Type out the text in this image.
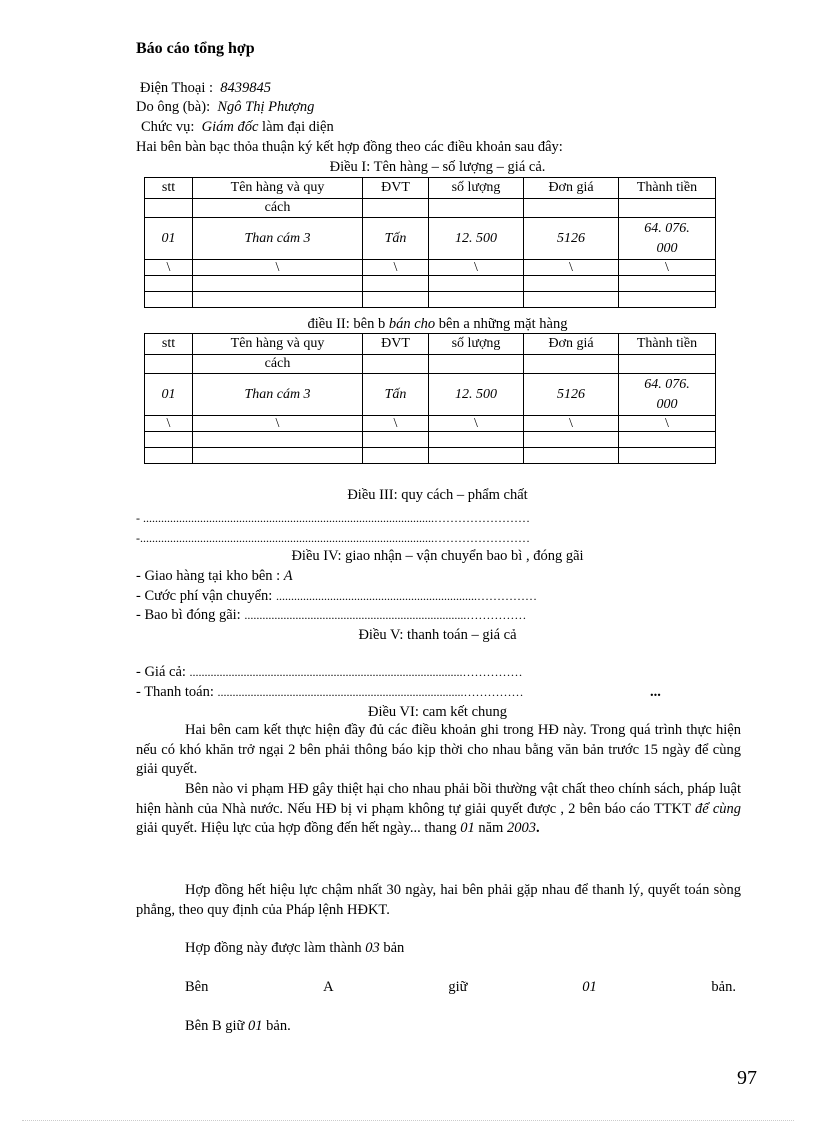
Báo cáo tổng hợp
Điện Thoại : 8439845
Do ông (bà): Ngô Thị Phượng
Chức vụ: Giám đốc làm đại diện
Hai bên bàn bạc thỏa thuận ký kết hợp đồng theo các điều khoản sau đây:
Điều I: Tên hàng – số lượng – giá cả.
stt	Tên hàng và quy	ĐVT	số lượng	Đơn giá	Thành tiền
	cách				
01	Than cám 3	Tấn	12. 500	5126	64. 076.
000
\	\	\	\	\	\

điều II: bên b bán cho bên a những mặt hàng
stt	Tên hàng và quy	ĐVT	số lượng	Đơn giá	Thành tiền
	cách				
01	Than cám 3	Tấn	12. 500	5126	64. 076.
000
\	\	\	\	\	\

Điều III: quy cách – phẩm chất
- .................................................................................................……………………
-..................................................................................................……………………
Điều IV: giao nhận – vận chuyển bao bì , đóng gãi
- Giao hàng tại kho bên : A
- Cước phí vận chuyển: ...................................................................……………
- Bao bì đóng gãi: ..........................................................................……………
Điều V: thanh toán – giá cả
- Giá cả: ...........................................................................................……………
- Thanh toán: ..................................................................................……………	...
Điều VI: cam kết chung
Hai bên cam kết thực hiện đầy đủ các điều khoản ghi trong HĐ này. Trong quá trình thực hiện nếu có khó khăn trở ngại 2 bên phải thông báo kịp thời cho nhau bằng văn bản trước 15 ngày để cùng giải quyết.
Bên nào vi phạm HĐ gây thiệt hại cho nhau phải bồi thường vật chất theo chính sách, pháp luật hiện hành của Nhà nước. Nếu HĐ bị vi phạm không tự giải quyết được , 2 bên báo cáo TTKT để cùng giải quyết. Hiệu lực của hợp đồng đến hết ngày... thang 01 năm 2003.
Hợp đồng hết hiệu lực chậm nhất 30 ngày, hai bên phải gặp nhau để thanh lý, quyết toán sòng phẳng, theo quy định của Pháp lệnh HĐKT.
Hợp đồng này được làm thành 03 bản
Bên	A	giữ	01	bản.
Bên B giữ 01 bản.
97
